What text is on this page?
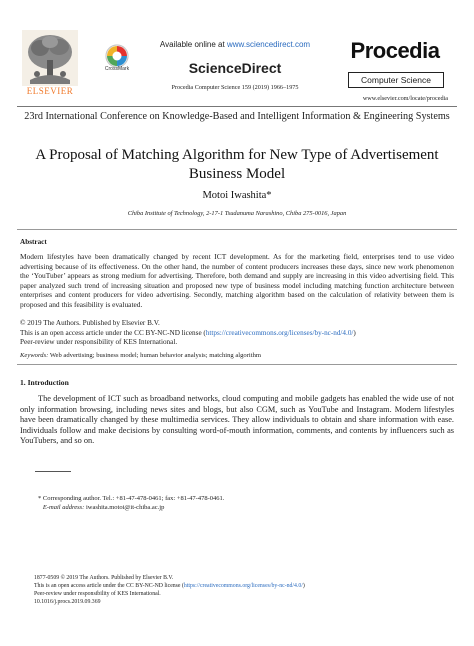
ELSEVIER
CrossMark
Available online at www.sciencedirect.com
ScienceDirect
Procedia Computer Science 159 (2019) 1966–1975
Procedia
Computer Science
www.elsevier.com/locate/procedia
23rd International Conference on Knowledge-Based and Intelligent Information & Engineering Systems
A Proposal of Matching Algorithm for New Type of Advertisement Business Model
Motoi Iwashita*
Chiba Institute of Technology, 2-17-1 Tsudanuma Narashino, Chiba 275-0016, Japan
Abstract
Modern lifestyles have been dramatically changed by recent ICT development. As for the marketing field, enterprises tend to use video advertising because of its effectiveness. On the other hand, the number of content producers increases these days, since new work phenomenon the ‘YouTuber’ appears as strong medium for advertising. Therefore, both demand and supply are increasing in this video advertising field. This paper analyzed such trend of increasing situation and proposed new type of business model including matching function architecture between enterprises and content producers for video advertising. Secondly, matching algorithm based on the calculation of relativity between them is proposed and this feasibility is evaluated.
© 2019 The Authors. Published by Elsevier B.V.
This is an open access article under the CC BY-NC-ND license (https://creativecommons.org/licenses/by-nc-nd/4.0/)
Peer-review under responsibility of KES International.
Keywords: Web advertising; business model; human behavior analysis; matching algorithm
1. Introduction
The development of ICT such as broadband networks, cloud computing and mobile gadgets has enabled the wide use of not only information browsing, including news sites and blogs, but also CGM, such as YouTube and Instagram. Modern lifestyles have been dramatically changed by these multimedia services. They allow individuals to obtain and share information with ease. Individuals follow and make decisions by consulting word-of-mouth information, comments, and contents by influencers such as YouTubers, and so on.
* Corresponding author. Tel.: +81-47-478-0461; fax: +81-47-478-0461.
E-mail address: iwashita.motoi@it-chiba.ac.jp
1877-0509 © 2019 The Authors. Published by Elsevier B.V.
This is an open access article under the CC BY-NC-ND license (https://creativecommons.org/licenses/by-nc-nd/4.0/)
Peer-review under responsibility of KES International.
10.1016/j.procs.2019.09.369
